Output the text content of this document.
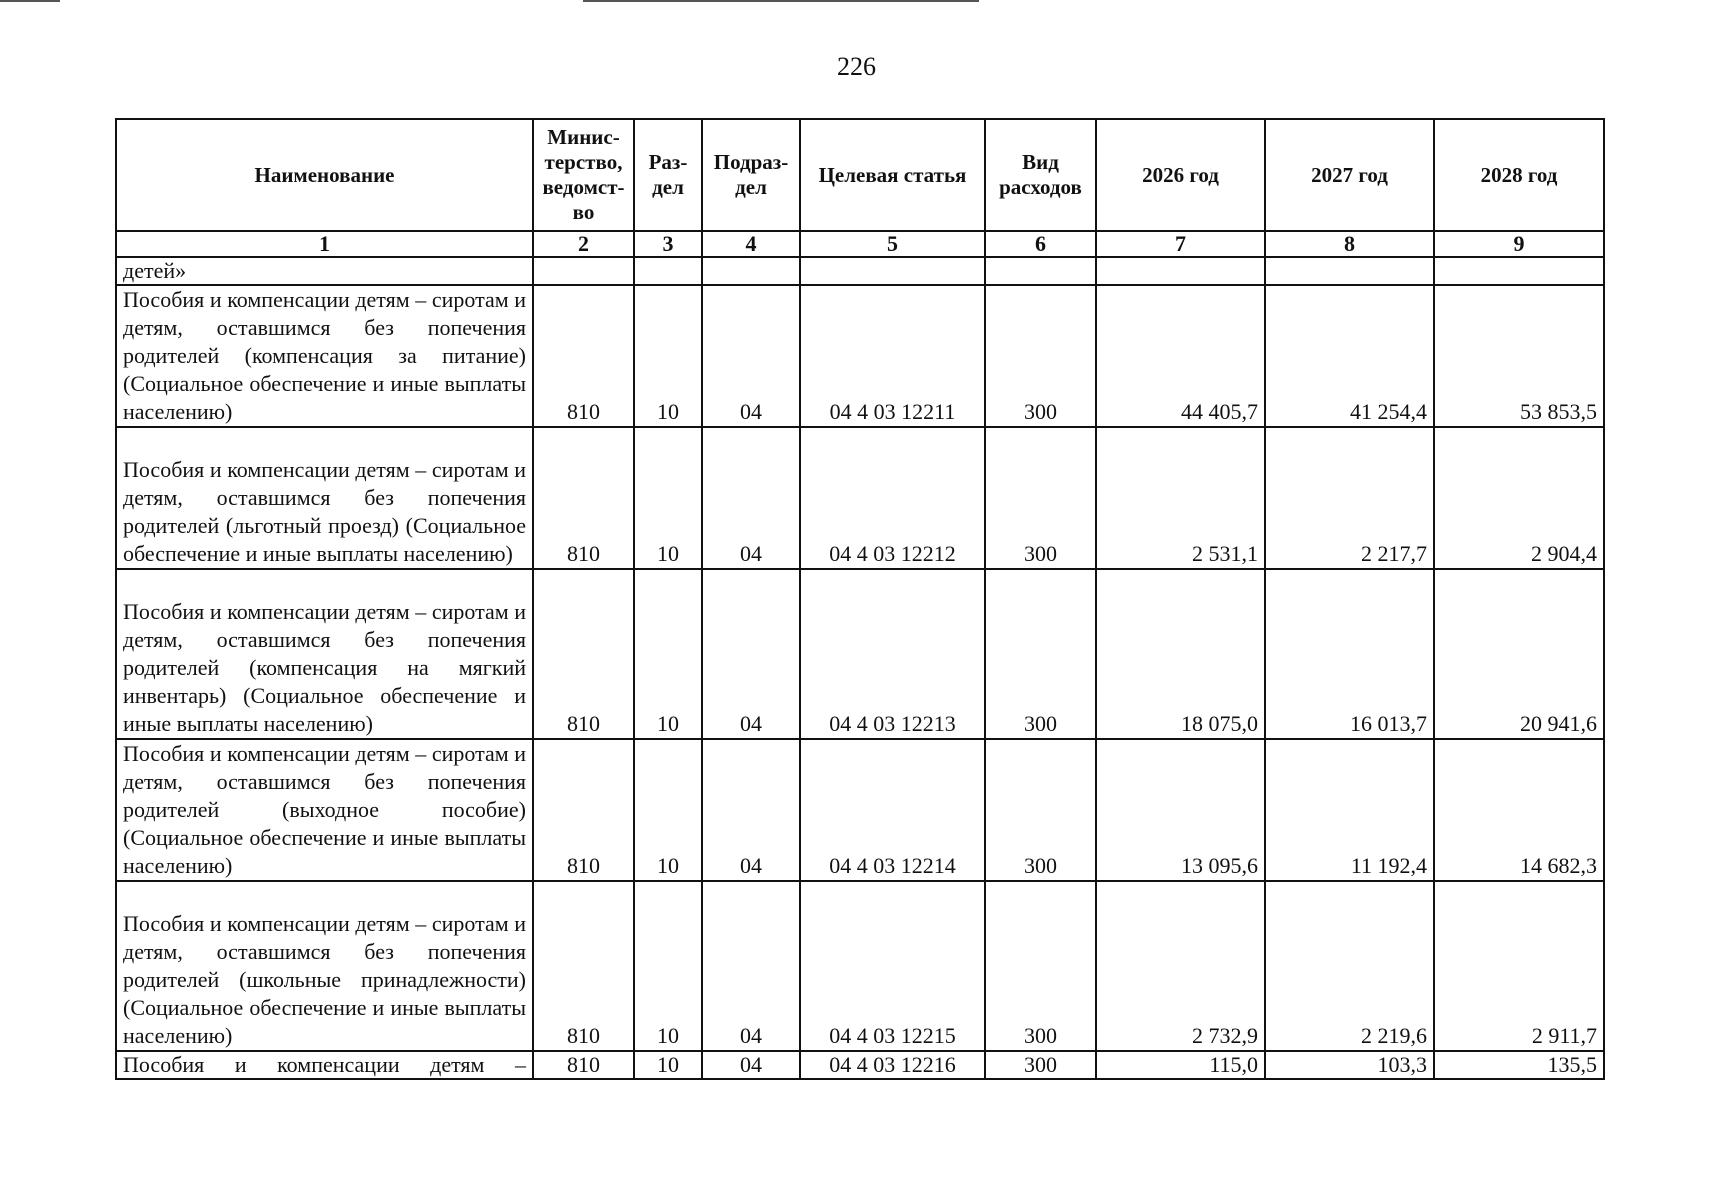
226
Наименование	Минис-терство, ведомст-во	Раз-дел	Подраз-дел	Целевая статья	Вид расходов	2026 год	2027 год	2028 год
1	2	3	4	5	6	7	8	9
детей»								
Пособия и компенсации детям – сиротам и детям, оставшимся без попечения родителей (компенсация за питание) (Социальное обеспечение и иные выплаты населению)	810	10	04	04 4 03 12211	300	44 405,7	41 254,4	53 853,5
Пособия и компенсации детям – сиротам и детям, оставшимся без попечения родителей (льготный проезд) (Социальное обеспечение и иные выплаты населению)	810	10	04	04 4 03 12212	300	2 531,1	2 217,7	2 904,4
Пособия и компенсации детям – сиротам и детям, оставшимся без попечения родителей (компенсация на мягкий инвентарь) (Социальное обеспечение и иные выплаты населению)	810	10	04	04 4 03 12213	300	18 075,0	16 013,7	20 941,6
Пособия и компенсации детям – сиротам и детям, оставшимся без попечения родителей (выходное пособие) (Социальное обеспечение и иные выплаты населению)	810	10	04	04 4 03 12214	300	13 095,6	11 192,4	14 682,3
Пособия и компенсации детям – сиротам и детям, оставшимся без попечения родителей (школьные принадлежности) (Социальное обеспечение и иные выплаты населению)	810	10	04	04 4 03 12215	300	2 732,9	2 219,6	2 911,7
Пособия и компенсации детям –	810	10	04	04 4 03 12216	300	115,0	103,3	135,5
